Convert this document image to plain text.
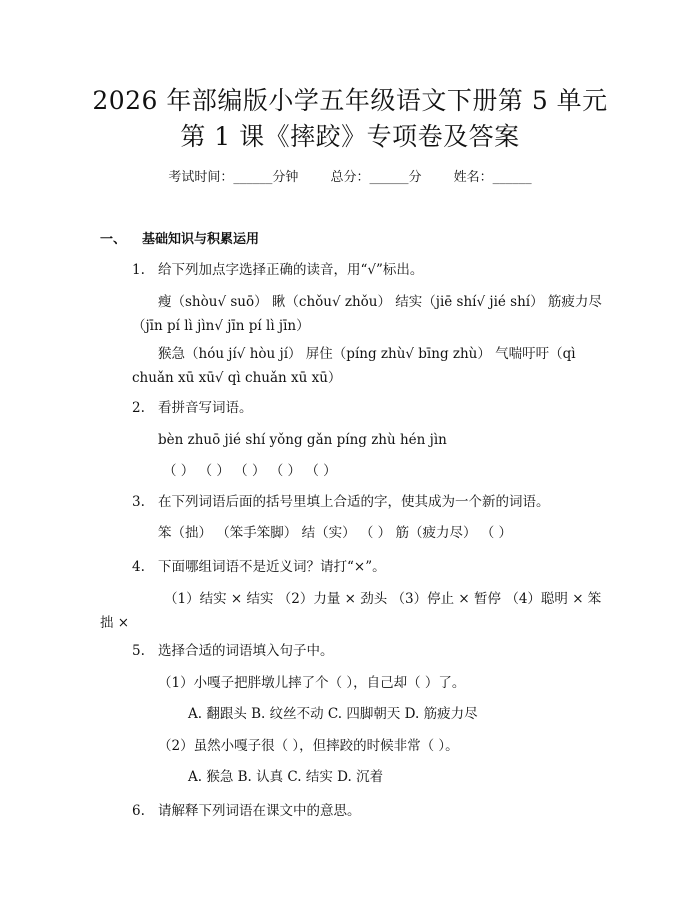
2026 年部编版小学五年级语文下册第 5 单元
第 1 课《摔跤》专项卷及答案
考试时间：______分钟 总分：______分 姓名：______
一、 基础知识与积累运用
1. 给下列加点字选择正确的读音，用“√”标出。
瘦（shòu√ suō） 瞅（chǒu√ zhǒu） 结实（jiē shí√ jié shí） 筋疲力尽（jīn pí lì jìn√ jīn pí lì jīn）
猴急（hóu jí√ hòu jí） 屏住（píng zhù√ bīng zhù） 气喘吁吁（qì chuǎn xū xū√ qì chuǎn xū xū）
2. 看拼音写词语。
bèn zhuō jié shí yǒng gǎn píng zhù hén jìn
（ ） （ ） （ ） （ ） （ ）
3. 在下列词语后面的括号里填上合适的字，使其成为一个新的词语。
笨（拙） （笨手笨脚） 结（实） （ ） 筋（疲力尽） （ ）
4. 下面哪组词语不是近义词？请打“×”。
（1）结实 × 结实 （2）力量 × 劲头 （3）停止 × 暂停 （4）聪明 × 笨拙 ×
5. 选择合适的词语填入句子中。
（1）小嘎子把胖墩儿摔了个（ ），自己却（ ）了。
A. 翻跟头 B. 纹丝不动 C. 四脚朝天 D. 筋疲力尽
（2）虽然小嘎子很（ ），但摔跤的时候非常（ ）。
A. 猴急 B. 认真 C. 结实 D. 沉着
6. 请解释下列词语在课文中的意思。
